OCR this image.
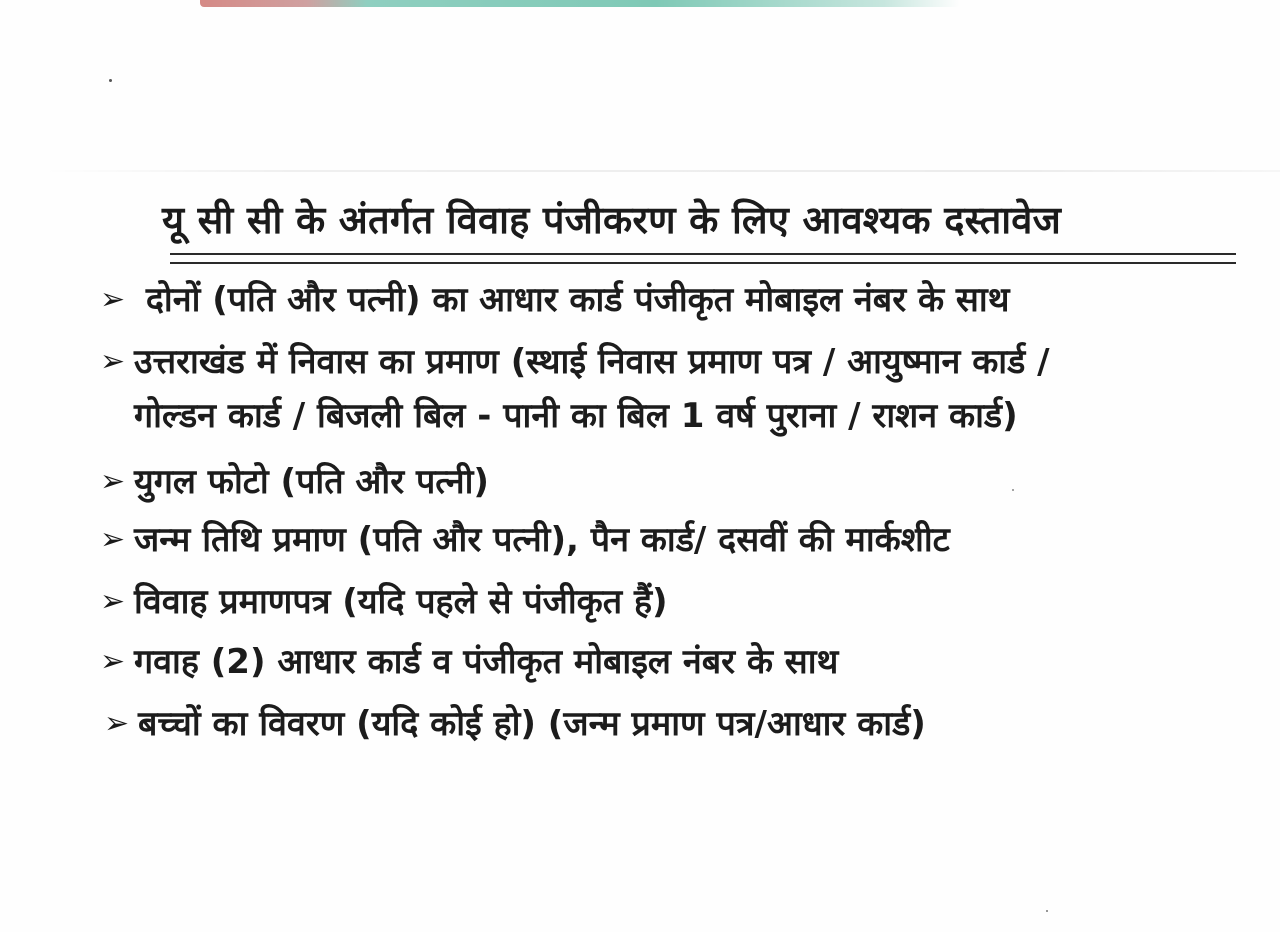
यू सी सी के अंतर्गत विवाह पंजीकरण के लिए आवश्यक दस्तावेज
➢ दोनों (पति और पत्नी) का आधार कार्ड पंजीकृत मोबाइल नंबर के साथ
➢ उत्तराखंड में निवास का प्रमाण (स्थाई निवास प्रमाण पत्र / आयुष्मान कार्ड /
गोल्डन कार्ड / बिजली बिल - पानी का बिल 1 वर्ष पुराना / राशन कार्ड)
➢ युगल फोटो (पति और पत्नी)
➢ जन्म तिथि प्रमाण (पति और पत्नी), पैन कार्ड/ दसवीं की मार्कशीट
➢ विवाह प्रमाणपत्र (यदि पहले से पंजीकृत हैं)
➢ गवाह (2) आधार कार्ड व पंजीकृत मोबाइल नंबर के साथ
➢ बच्चों का विवरण (यदि कोई हो) (जन्म प्रमाण पत्र/आधार कार्ड)
